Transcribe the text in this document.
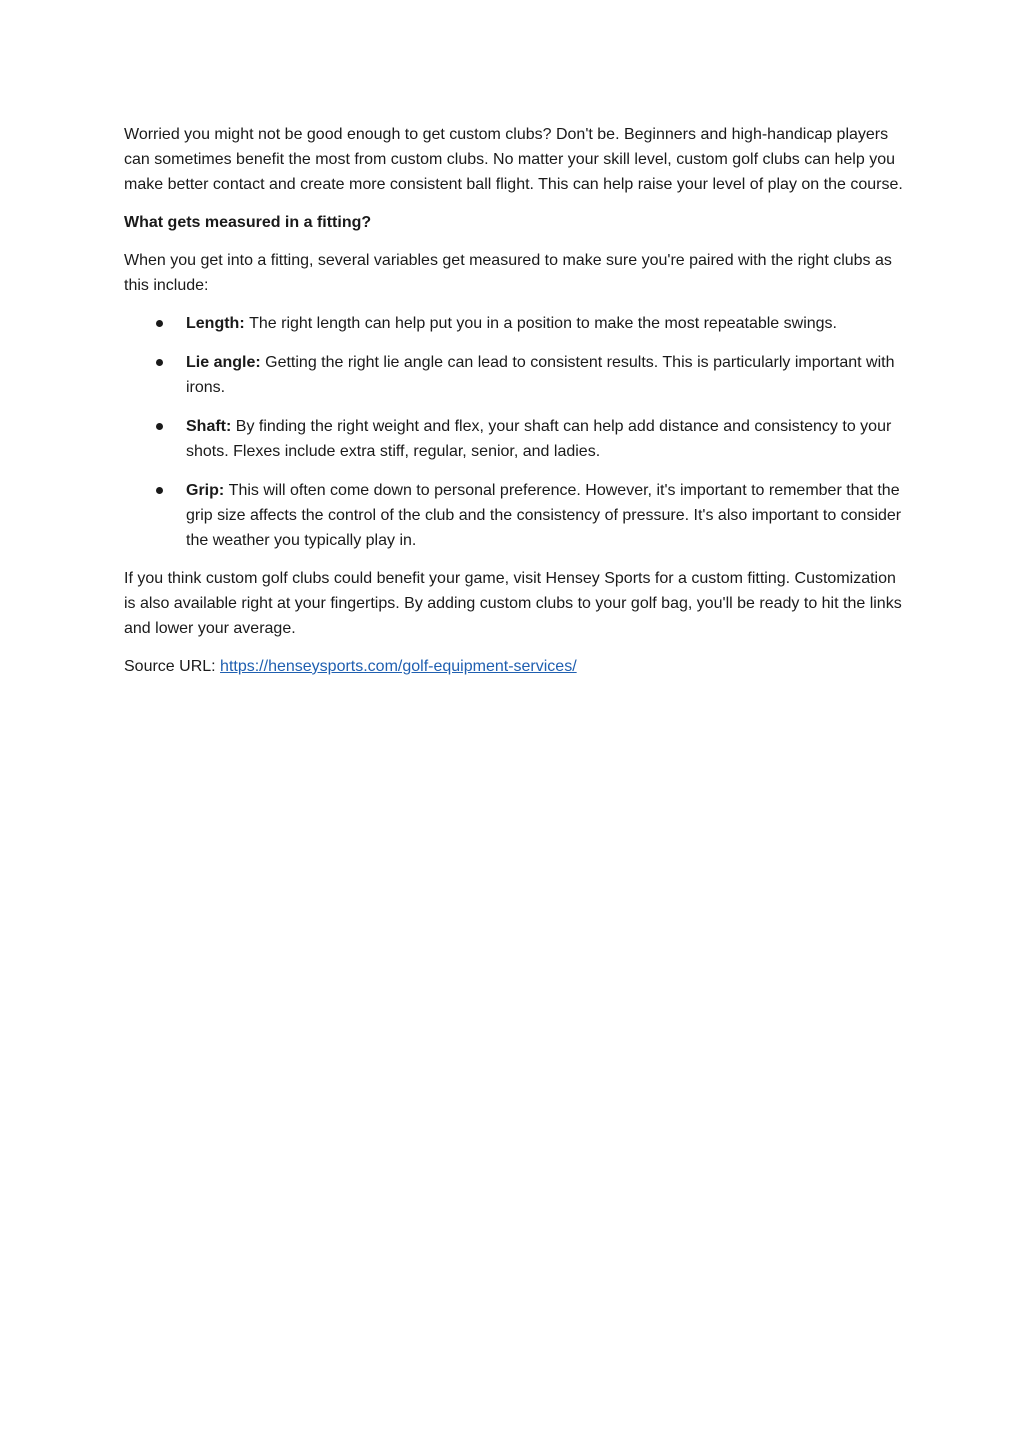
Worried you might not be good enough to get custom clubs? Don't be. Beginners and high-handicap players can sometimes benefit the most from custom clubs. No matter your skill level, custom golf clubs can help you make better contact and create more consistent ball flight. This can help raise your level of play on the course.

What gets measured in a fitting?

When you get into a fitting, several variables get measured to make sure you're paired with the right clubs as this include:

Length: The right length can help put you in a position to make the most repeatable swings.
Lie angle: Getting the right lie angle can lead to consistent results. This is particularly important with irons.
Shaft: By finding the right weight and flex, your shaft can help add distance and consistency to your shots. Flexes include extra stiff, regular, senior, and ladies.
Grip: This will often come down to personal preference. However, it's important to remember that the grip size affects the control of the club and the consistency of pressure. It's also important to consider the weather you typically play in.

If you think custom golf clubs could benefit your game, visit Hensey Sports for a custom fitting. Customization is also available right at your fingertips. By adding custom clubs to your golf bag, you'll be ready to hit the links and lower your average.

Source URL: https://henseysports.com/golf-equipment-services/
